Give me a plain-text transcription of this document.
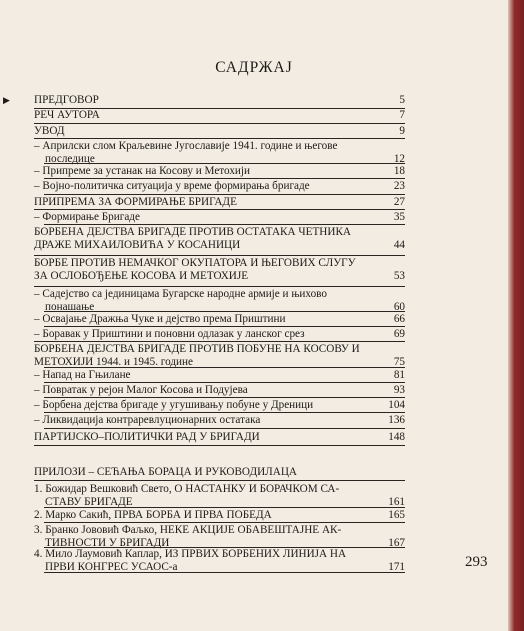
САДРЖАЈ
▶ ПРЕДГОВОР	5
РЕЧ АУТОРА	7
УВОД	9
– Априлски слом Краљевине Југославије 1941. године и његове
последице	12
– Припреме за устанак на Косову и Метохији	18
– Војно-политичка ситуација у време формирања бригаде	23
ПРИПРЕМА ЗА ФОРМИРАЊЕ БРИГАДЕ	27
– Формирање Бригаде	35
БОРБЕНА ДЕЈСТВА БРИГАДЕ ПРОТИВ ОСТАТАКА ЧЕТНИКА
ДРАЖЕ МИХАИЛОВИЋА У КОСАНИЦИ	44
БОРБЕ ПРОТИВ НЕМАЧКОГ ОКУПАТОРА И ЊЕГОВИХ СЛУГУ
ЗА ОСЛОБОЂЕЊЕ КОСОВА И МЕТОХИЈЕ	53
– Садејство са јединицама Бугарске народне армије и њихово
понашање	60
– Освајање Дражња Чуке и дејство према Приштини	66
– Боравак у Приштини и поновни одлазак у ланског срез	69
БОРБЕНА ДЕЈСТВА БРИГАДЕ ПРОТИВ ПОБУНЕ НА КОСОВУ И
МЕТОХИЈИ 1944. и 1945. године	75
– Напад на Гњилане	81
– Повратак у рејон Малог Косова и Подујева	93
– Борбена дејства бригаде у угушивању побуне у Дреници	104
– Ликвидација контраревлуционарних остатака	136
ПАРТИЈСКО–ПОЛИТИЧКИ РАД У БРИГАДИ	148
ПРИЛОЗИ – СЕЋАЊА БОРАЦА И РУКОВОДИЛАЦА
1. Божидар Вешковић Свето, О НАСТАНКУ И БОРАЧКОМ СА-
СТАВУ БРИГАДЕ	161
2. Марко Сакић, ПРВА БОРБА И ПРВА ПОБЕДА	165
3. Бранко Јововић Фаљко, НЕКЕ АКЦИЈЕ ОБАВЕШТАЈНЕ АК-
ТИВНОСТИ У БРИГАДИ	167
4. Мило Лаумовић Каплар, ИЗ ПРВИХ БОРБЕНИХ ЛИНИЈА НА
ПРВИ КОНГРЕС УСАОС-а	171	293
